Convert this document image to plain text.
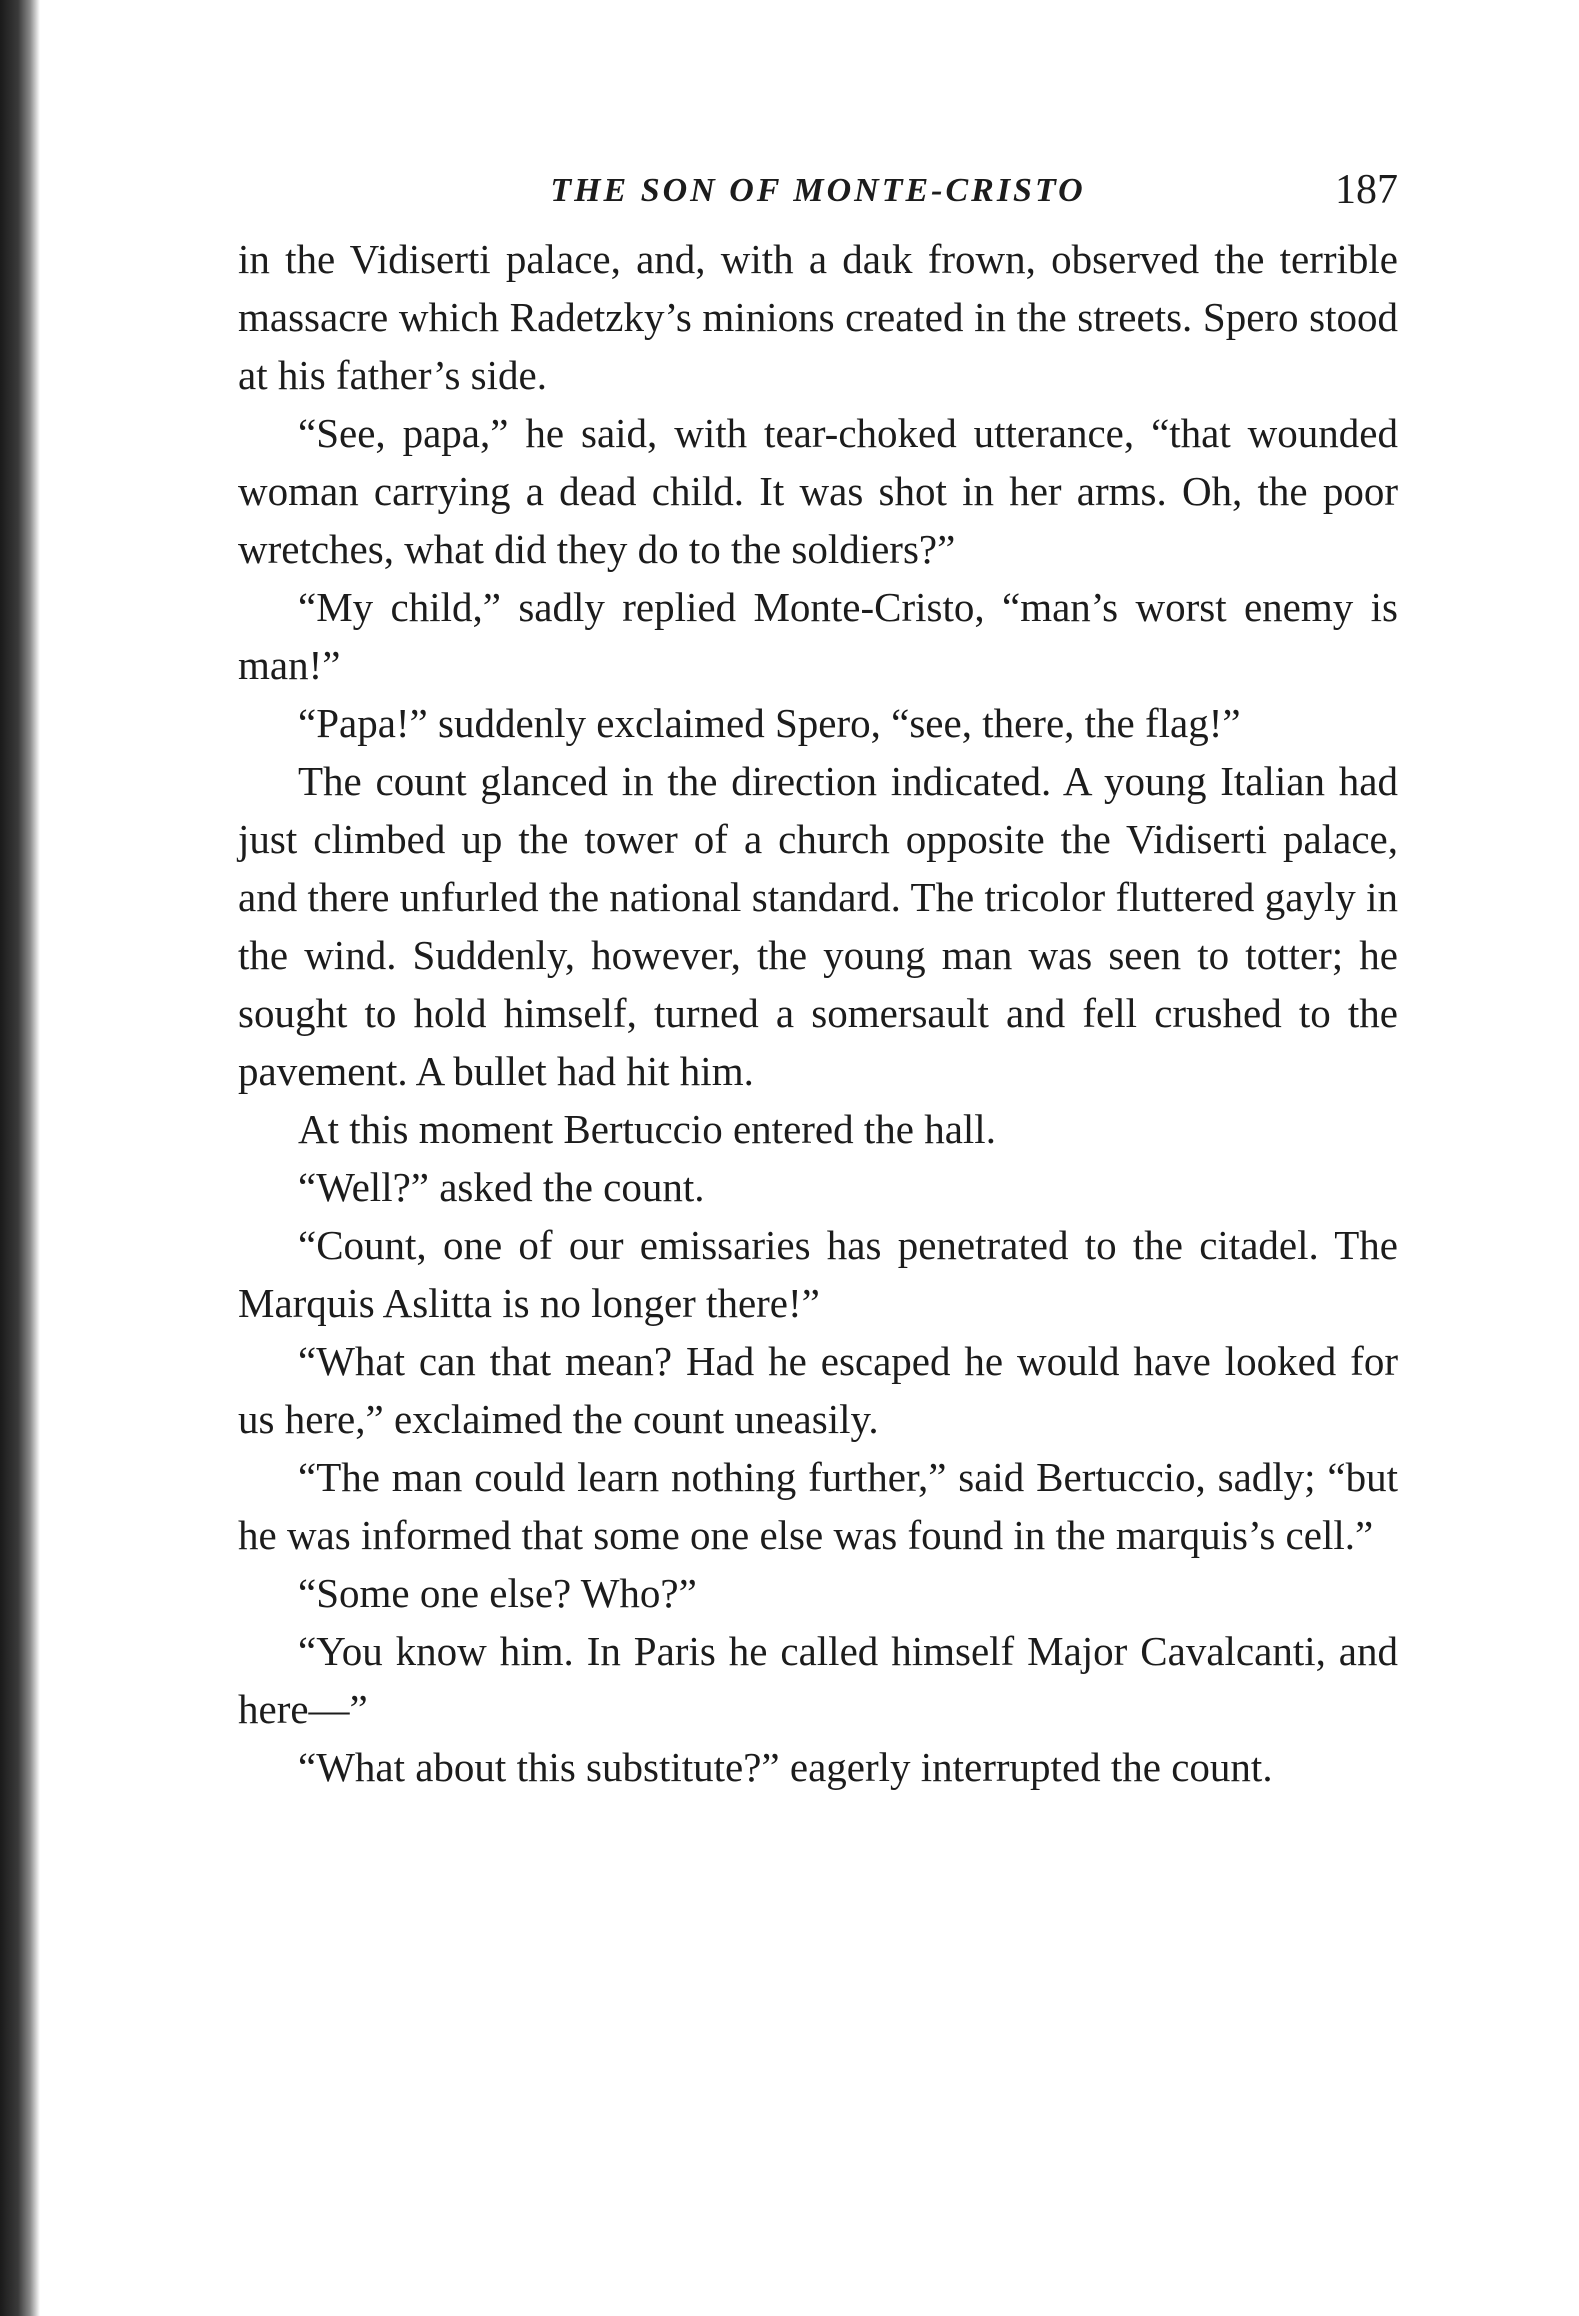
THE SON OF MONTE-CRISTO	187

in the Vidiserti palace, and, with a daιk frown, observed the terrible massacre which Radetzky’s minions created in the streets. Spero stood at his father’s side.

“See, papa,” he said, with tear-choked utterance, “that wounded woman carrying a dead child. It was shot in her arms. Oh, the poor wretches, what did they do to the soldiers?”

“My child,” sadly replied Monte-Cristo, “man’s worst enemy is man!”

“Papa!” suddenly exclaimed Spero, “see, there, the flag!”

The count glanced in the direction indicated. A young Italian had just climbed up the tower of a church opposite the Vidiserti palace, and there unfurled the national standard. The tricolor fluttered gayly in the wind. Suddenly, however, the young man was seen to totter; he sought to hold himself, turned a somersault and fell crushed to the pavement. A bullet had hit him.

At this moment Bertuccio entered the hall.

“Well?” asked the count.

“Count, one of our emissaries has penetrated to the citadel. The Marquis Aslitta is no longer there!”

“What can that mean? Had he escaped he would have looked for us here,” exclaimed the count uneasily.

“The man could learn nothing further,” said Bertuccio, sadly; “but he was informed that some one else was found in the marquis’s cell.”

“Some one else? Who?”

“You know him. In Paris he called himself Major Cavalcanti, and here—”

“What about this substitute?” eagerly interrupted the count.
